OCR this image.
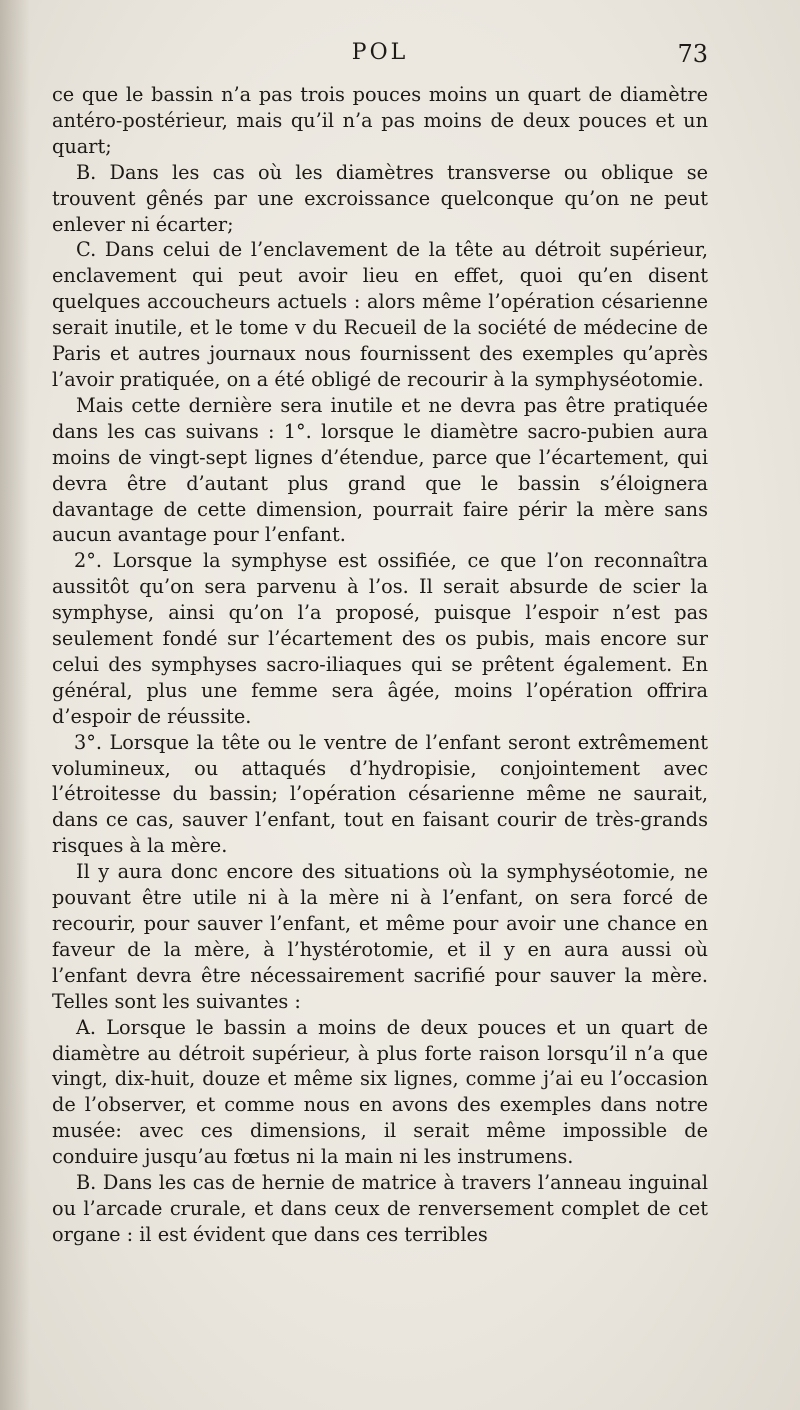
POL	73

ce que le bassin n’a pas trois pouces moins un quart de diamètre antéro-postérieur, mais qu’il n’a pas moins de deux pouces et un quart;

B. Dans les cas où les diamètres transverse ou oblique se trouvent gênés par une excroissance quelconque qu’on ne peut enlever ni écarter;

C. Dans celui de l’enclavement de la tête au détroit supérieur, enclavement qui peut avoir lieu en effet, quoi qu’en disent quelques accoucheurs actuels : alors même l’opération césarienne serait inutile, et le tome v du Recueil de la société de médecine de Paris et autres journaux nous fournissent des exemples qu’après l’avoir pratiquée, on a été obligé de recourir à la symphyséotomie.

Mais cette dernière sera inutile et ne devra pas être pratiquée dans les cas suivans : 1°. lorsque le diamètre sacro-pubien aura moins de vingt-sept lignes d’étendue, parce que l’écartement, qui devra être d’autant plus grand que le bassin s’éloignera davantage de cette dimension, pourrait faire périr la mère sans aucun avantage pour l’enfant.

2°. Lorsque la symphyse est ossifiée, ce que l’on reconnaîtra aussitôt qu’on sera parvenu à l’os. Il serait absurde de scier la symphyse, ainsi qu’on l’a proposé, puisque l’espoir n’est pas seulement fondé sur l’écartement des os pubis, mais encore sur celui des symphyses sacro-iliaques qui se prêtent également. En général, plus une femme sera âgée, moins l’opération offrira d’espoir de réussite.

3°. Lorsque la tête ou le ventre de l’enfant seront extrêmement volumineux, ou attaqués d’hydropisie, conjointement avec l’étroitesse du bassin; l’opération césarienne même ne saurait, dans ce cas, sauver l’enfant, tout en faisant courir de très-grands risques à la mère.

Il y aura donc encore des situations où la symphyséotomie, ne pouvant être utile ni à la mère ni à l’enfant, on sera forcé de recourir, pour sauver l’enfant, et même pour avoir une chance en faveur de la mère, à l’hystérotomie, et il y en aura aussi où l’enfant devra être nécessairement sacrifié pour sauver la mère. Telles sont les suivantes :

A. Lorsque le bassin a moins de deux pouces et un quart de diamètre au détroit supérieur, à plus forte raison lorsqu’il n’a que vingt, dix-huit, douze et même six lignes, comme j’ai eu l’occasion de l’observer, et comme nous en avons des exemples dans notre musée: avec ces dimensions, il serait même impossible de conduire jusqu’au fœtus ni la main ni les instrumens.

B. Dans les cas de hernie de matrice à travers l’anneau inguinal ou l’arcade crurale, et dans ceux de renversement complet de cet organe : il est évident que dans ces terribles
